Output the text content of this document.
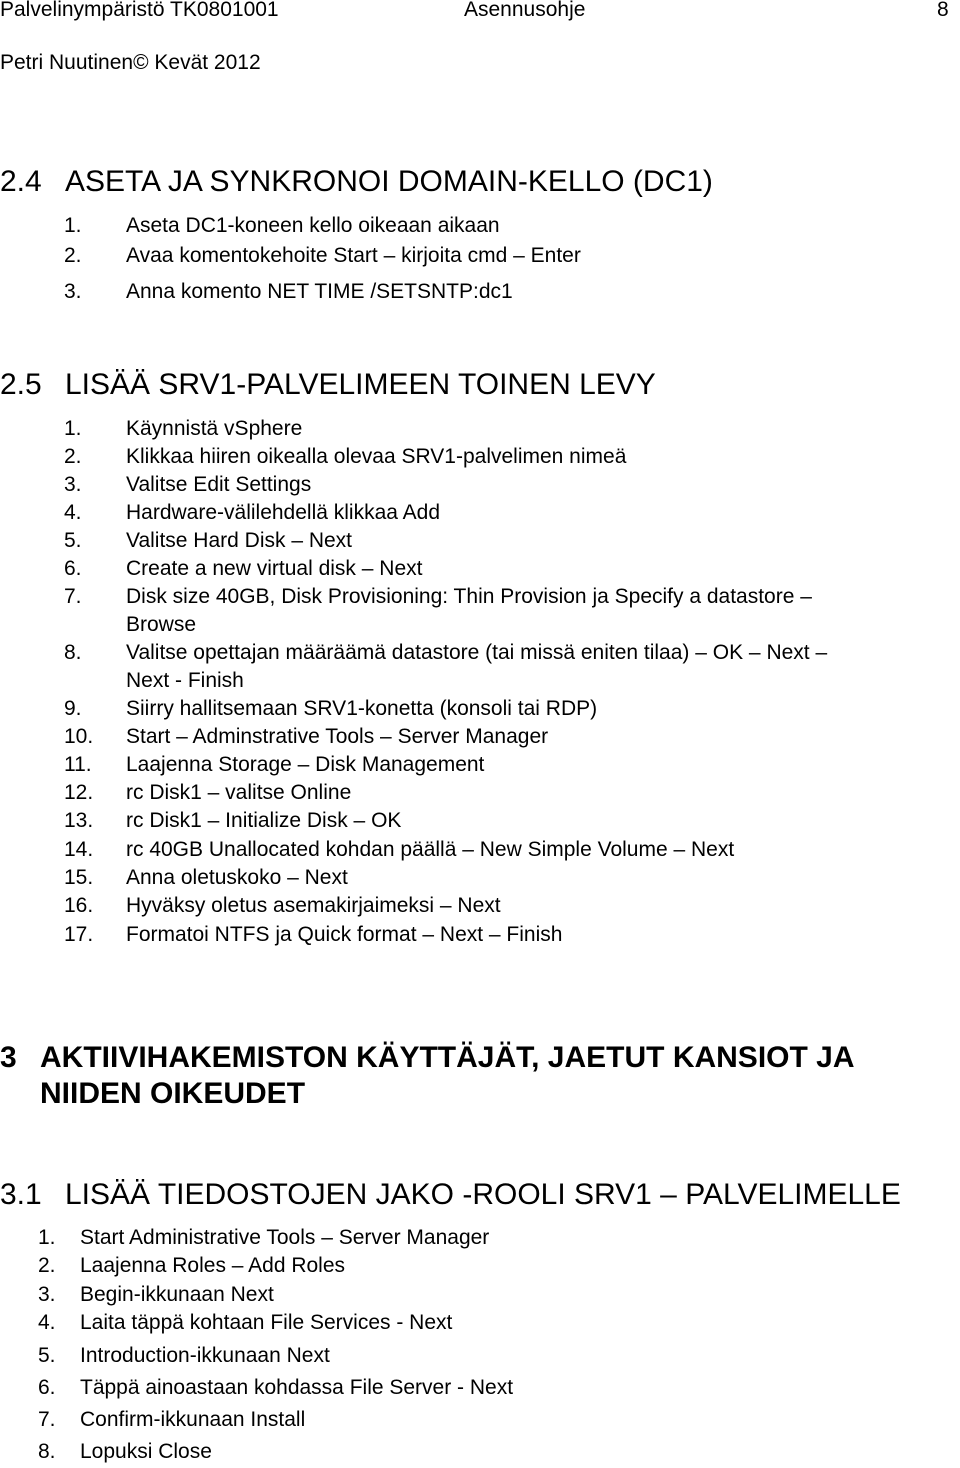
Palvelinympäristö TK0801001	Asennusohje	8
Petri Nuutinen© Kevät 2012
2.4 ASETA JA SYNKRONOI DOMAIN-KELLO (DC1)
1. Aseta DC1-koneen kello oikeaan aikaan
2. Avaa komentokehoite Start – kirjoita cmd – Enter
3. Anna komento NET TIME /SETSNTP:dc1
2.5 LISÄÄ SRV1-PALVELIMEEN TOINEN LEVY
1. Käynnistä vSphere
2. Klikkaa hiiren oikealla olevaa SRV1-palvelimen nimeä
3. Valitse Edit Settings
4. Hardware-välilehdellä klikkaa Add
5. Valitse Hard Disk – Next
6. Create a new virtual disk – Next
7. Disk size 40GB, Disk Provisioning: Thin Provision ja Specify a datastore –
Browse
8. Valitse opettajan määräämä datastore (tai missä eniten tilaa) – OK – Next –
Next - Finish
9. Siirry hallitsemaan SRV1-konetta (konsoli tai RDP)
10. Start – Adminstrative Tools – Server Manager
11. Laajenna Storage – Disk Management
12. rc Disk1 – valitse Online
13. rc Disk1 – Initialize Disk – OK
14. rc 40GB Unallocated kohdan päällä – New Simple Volume – Next
15. Anna oletuskoko – Next
16. Hyväksy oletus asemakirjaimeksi – Next
17. Formatoi NTFS ja Quick format – Next – Finish
3 AKTIIVIHAKEMISTON KÄYTTÄJÄT, JAETUT KANSIOT JA
NIIDEN OIKEUDET
3.1 LISÄÄ TIEDOSTOJEN JAKO -ROOLI SRV1 – PALVELIMELLE
1. Start Administrative Tools – Server Manager
2. Laajenna Roles – Add Roles
3. Begin-ikkunaan Next
4. Laita täppä kohtaan File Services - Next
5. Introduction-ikkunaan Next
6. Täppä ainoastaan kohdassa File Server - Next
7. Confirm-ikkunaan Install
8. Lopuksi Close
